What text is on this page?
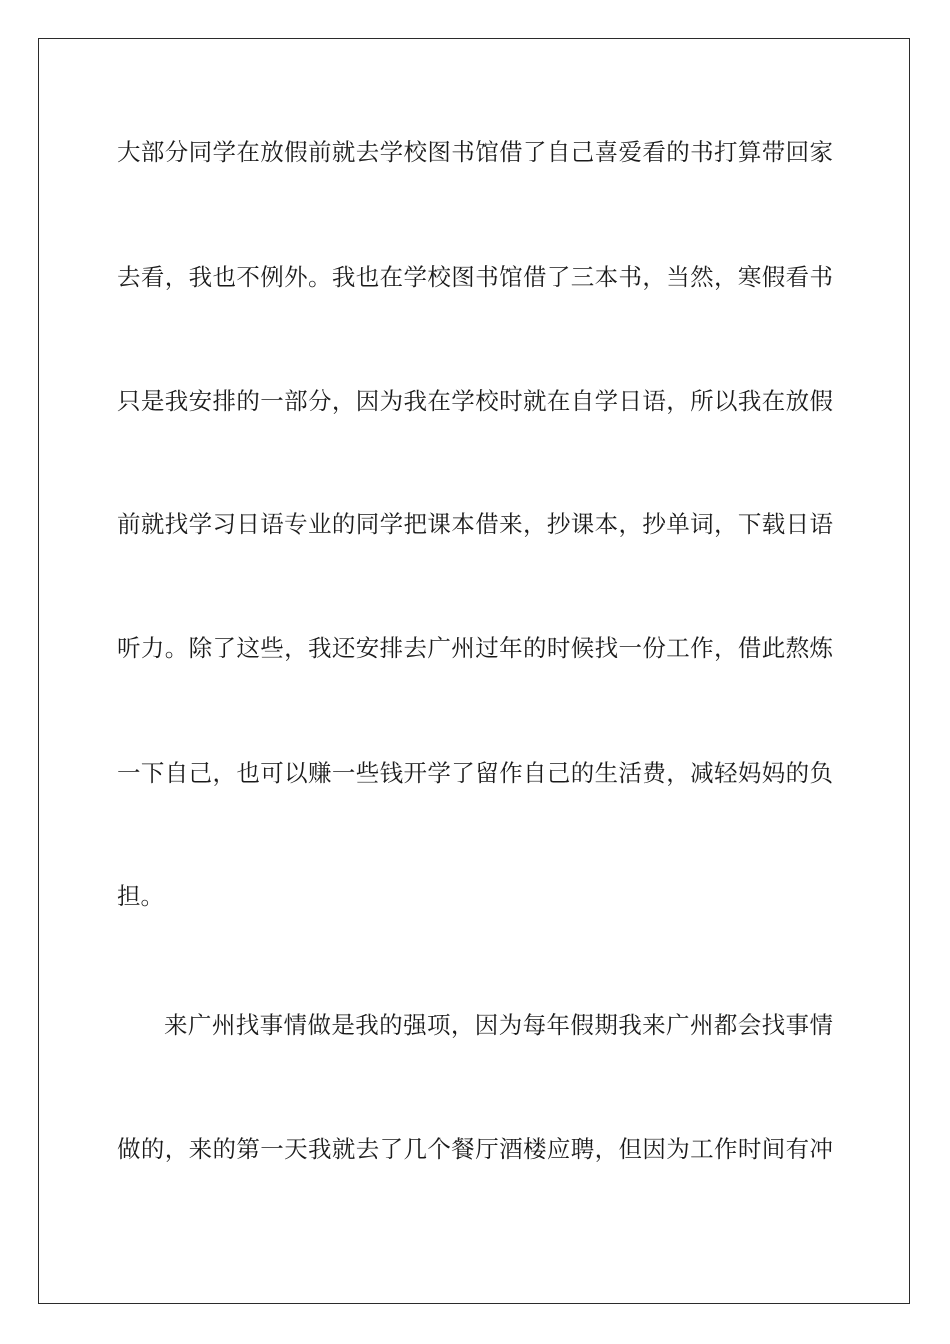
大部分同学在放假前就去学校图书馆借了自己喜爱看的书打算带回家
去看，我也不例外。我也在学校图书馆借了三本书，当然，寒假看书
只是我安排的一部分，因为我在学校时就在自学日语，所以我在放假
前就找学习日语专业的同学把课本借来，抄课本，抄单词，下载日语
听力。除了这些，我还安排去广州过年的时候找一份工作，借此熬炼
一下自己，也可以赚一些钱开学了留作自己的生活费，减轻妈妈的负
担。
来广州找事情做是我的强项，因为每年假期我来广州都会找事情
做的，来的第一天我就去了几个餐厅酒楼应聘，但因为工作时间有冲
